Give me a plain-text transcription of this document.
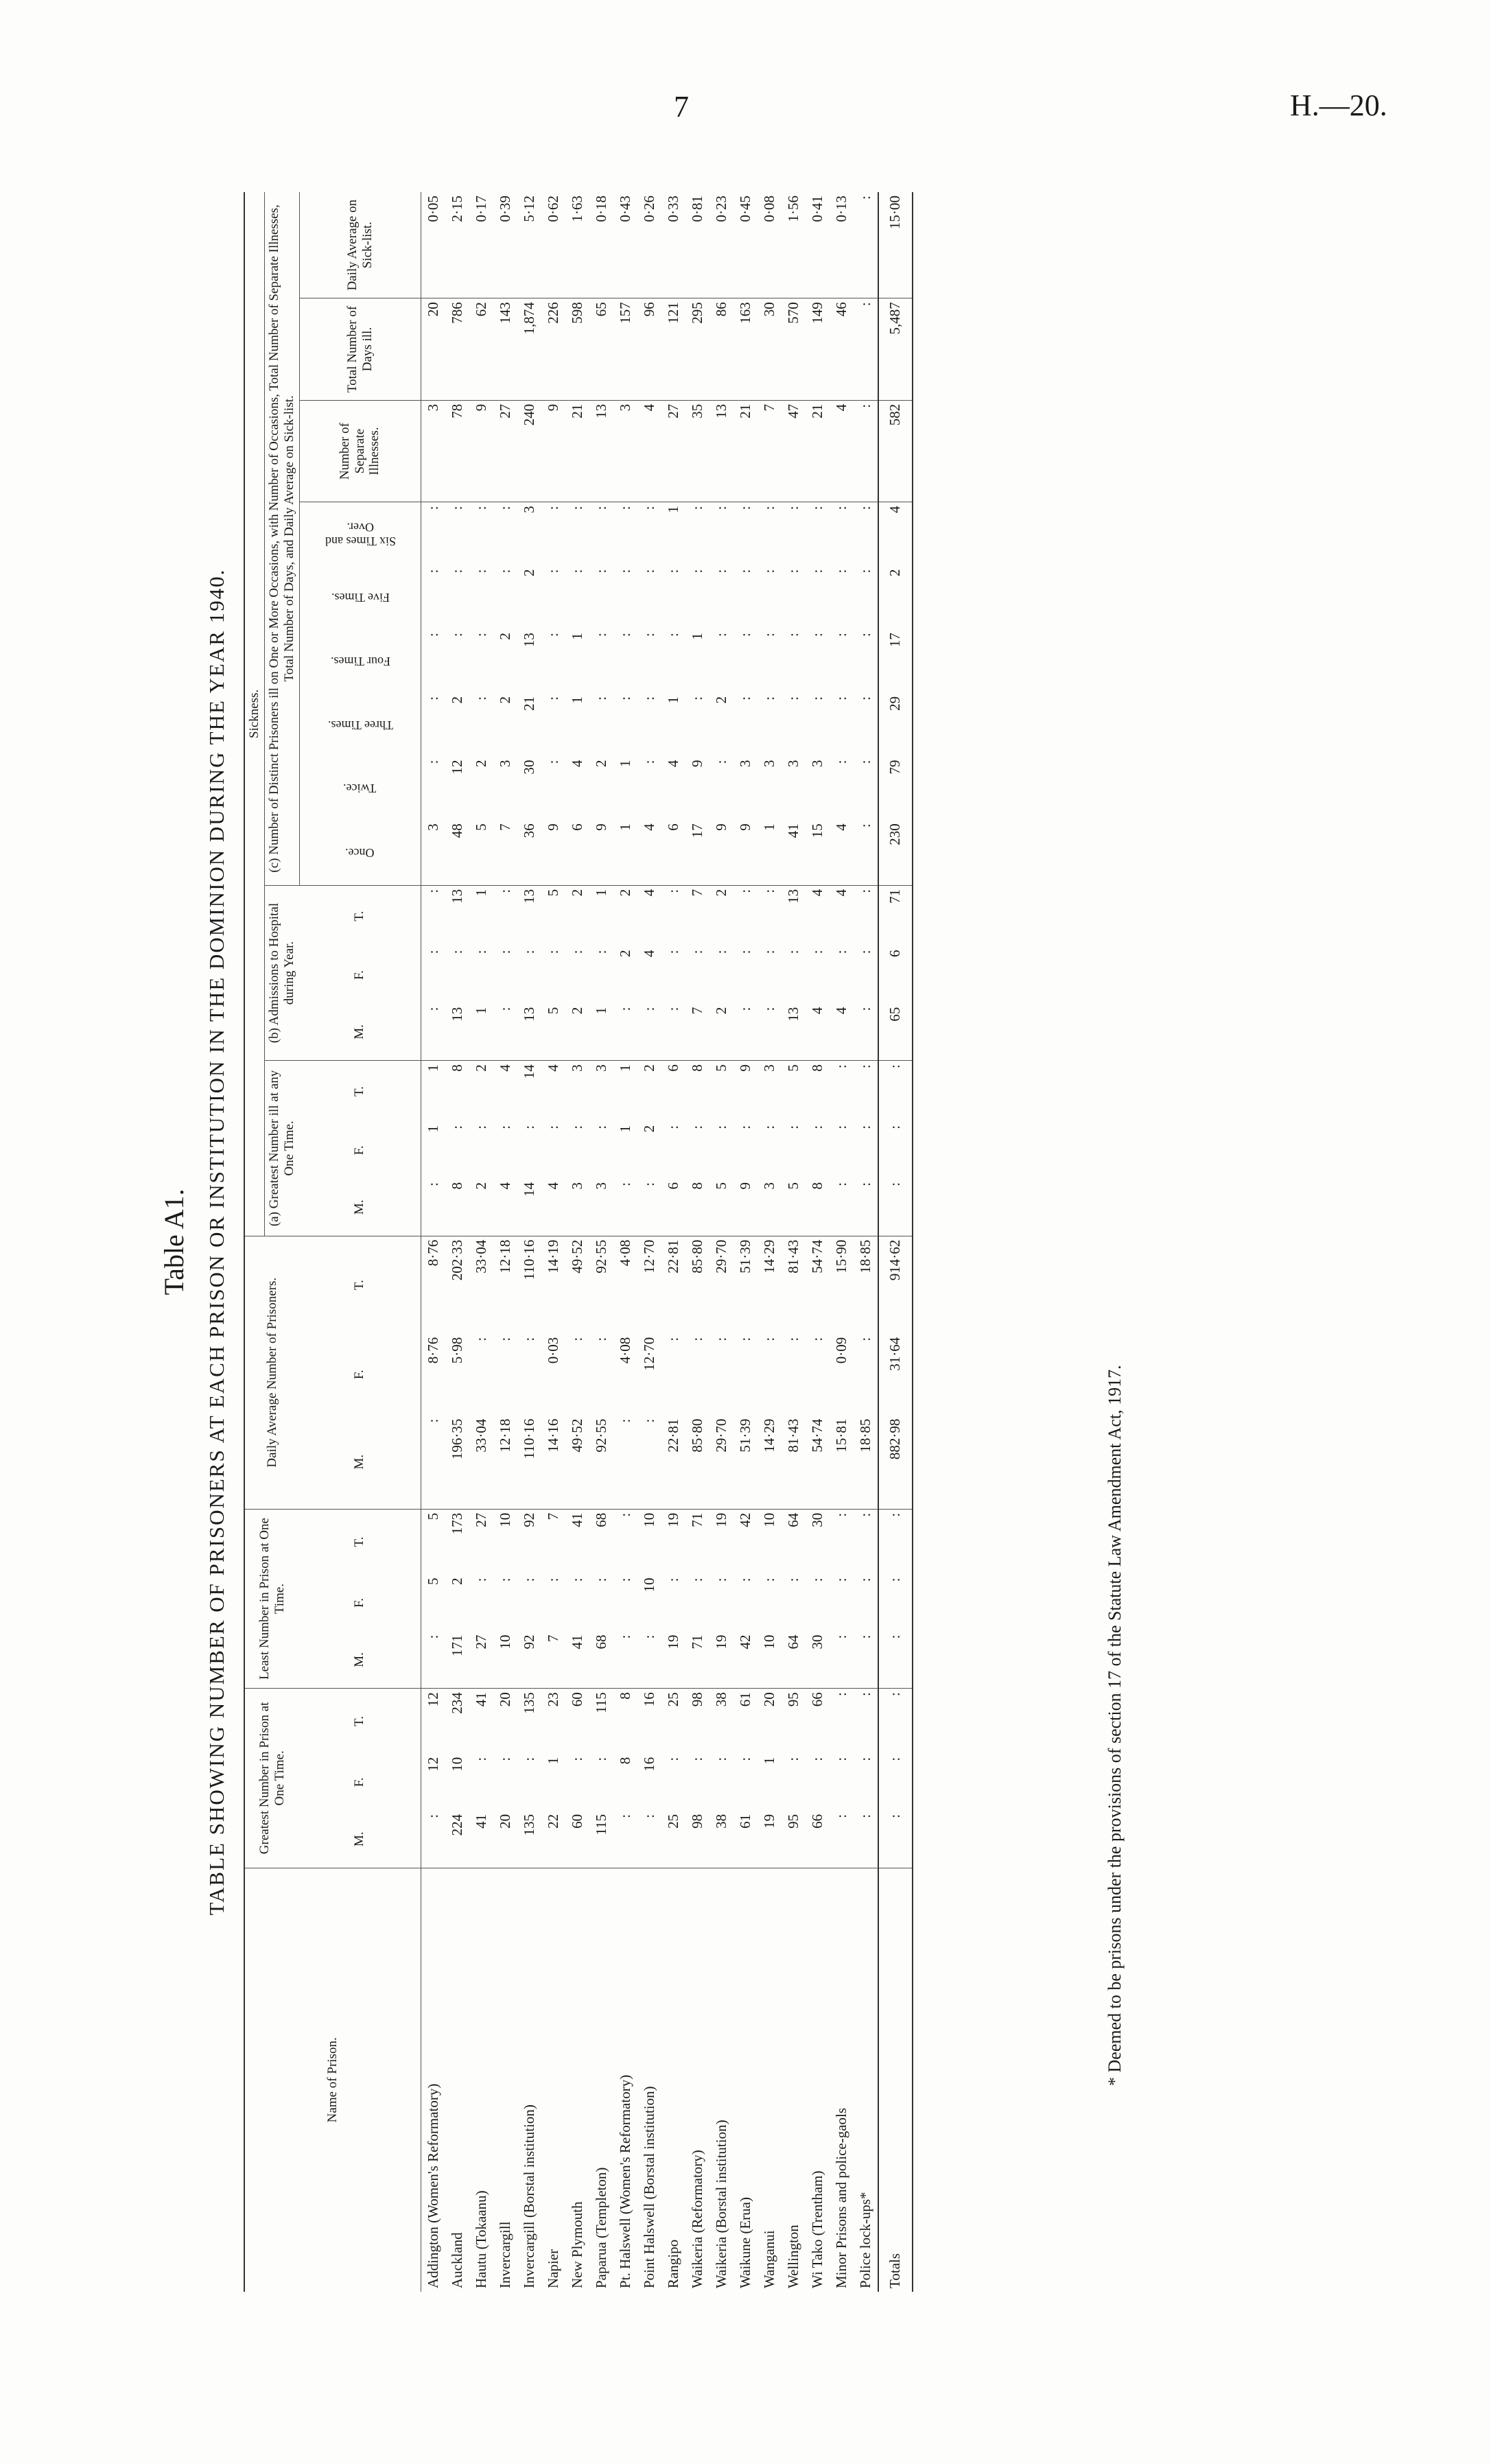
7	H.—20.
Table A1. TABLE SHOWING NUMBER OF PRISONERS AT EACH PRISON OR INSTITUTION IN THE DOMINION DURING THE YEAR 1940.
Name of Prison.	Greatest Number in Prison at One Time.			Least Number in Prison at One Time.			Daily Average Number of Prisoners.			Sickness.														
										(a) Greatest Number ill at any One Time.			(b) Admissions to Hospital during Year.			(c) Number of Distinct Prisoners ill on One or More Occasions, with Number of Occasions, Total Number of Separate Illnesses, Total Number of Days, and Daily Average on Sick-list.								
	M.	F.	T.	M.	F.	T.	M.	F.	T.	M.	F.	T.	M.	F.	T.	Once.	Twice.	Three Times.	Four Times.	Five Times.	Six Times and Over.	Number of Separate Illnesses.	Total Number of Days ill.	Daily Average on Sick-list.
Addington (Women's Reformatory)	:	12	12	:	5	5	:	8·76	8·76	:	1	1	:	:	:	3	:	:	:	:	:	3	20	0·05
Auckland	224	10	234	171	2	173	196·35	5·98	202·33	8	:	8	13	:	13	48	12	2	:	:	:	78	786	2·15
Hautu (Tokaanu)	41	:	41	27	:	27	33·04	:	33·04	2	:	2	1	:	1	5	2	:	:	:	:	9	62	0·17
Invercargill	20	:	20	10	:	10	12·18	:	12·18	4	:	4	:	:	:	7	3	2	2	:	:	27	143	0·39
Invercargill (Borstal institution)	135	:	135	92	:	92	110·16	:	110·16	14	:	14	13	:	13	36	30	21	13	2	3	240	1,874	5·12
Napier	22	1	23	7	:	7	14·16	0·03	14·19	4	:	4	5	:	5	9	:	:	:	:	:	9	226	0·62
New Plymouth	60	:	60	41	:	41	49·52	:	49·52	3	:	3	2	:	2	6	4	1	1	:	:	21	598	1·63
Paparua (Templeton)	115	:	115	68	:	68	92·55	:	92·55	3	:	3	1	:	1	9	2	:	:	:	:	13	65	0·18
Pt. Halswell (Women's Reformatory)	:	8	8	:	:	:	:	4·08	4·08	:	1	1	:	2	2	1	1	:	:	:	:	3	157	0·43
Point Halswell (Borstal institution)	:	16	16	:	10	10	:	12·70	12·70	:	2	2	:	4	4	4	:	:	:	:	:	4	96	0·26
Rangipo	25	:	25	19	:	19	22·81	:	22·81	6	:	6	:	:	:	6	4	1	:	:	1	27	121	0·33
Waikeria (Reformatory)	98	:	98	71	:	71	85·80	:	85·80	8	:	8	7	:	7	17	9	:	1	:	:	35	295	0·81
Waikeria (Borstal institution)	38	:	38	19	:	19	29·70	:	29·70	5	:	5	2	:	2	9	:	2	:	:	:	13	86	0·23
Waikune (Erua)	61	:	61	42	:	42	51·39	:	51·39	9	:	9	:	:	:	9	3	:	:	:	:	21	163	0·45
Wanganui	19	1	20	10	:	10	14·29	:	14·29	3	:	3	:	:	:	1	3	:	:	:	:	7	30	0·08
Wellington	95	:	95	64	:	64	81·43	:	81·43	5	:	5	13	:	13	41	3	:	:	:	:	47	570	1·56
Wi Tako (Trentham)	66	:	66	30	:	30	54·74	:	54·74	8	:	8	4	:	4	15	3	:	:	:	:	21	149	0·41
Minor Prisons and police-gaols	:	:	:	:	:	:	15·81	0·09	15·90	:	:	:	4	:	4	4	:	:	:	:	:	4	46	0·13
Police lock-ups*	:	:	:	:	:	:	18·85	:	18·85	:	:	:	:	:	:	:	:	:	:	:	:	:	:	:
Totals	:	:	:	:	:	:	882·98	31·64	914·62	:	:	:	65	6	71	230	79	29	17	2	4	582	5,487	15·00
* Deemed to be prisons under the provisions of section 17 of the Statute Law Amendment Act, 1917.
